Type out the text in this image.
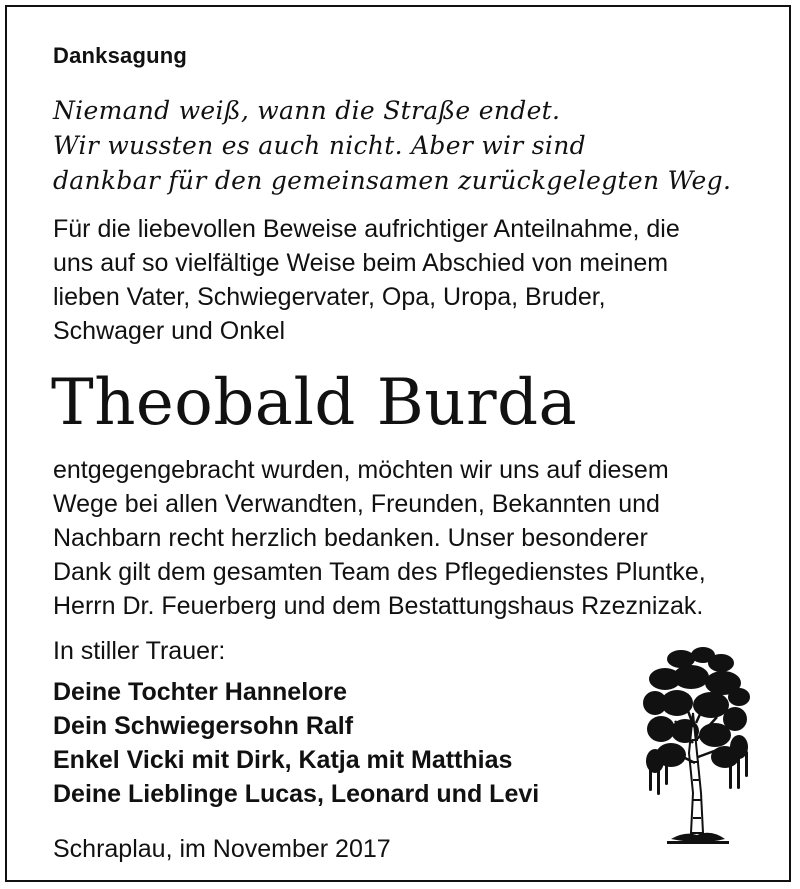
Danksagung
Niemand weiß, wann die Straße endet.
Wir wussten es auch nicht. Aber wir sind
dankbar für den gemeinsamen zurückgelegten Weg.
Für die liebevollen Beweise aufrichtiger Anteilnahme, die
uns auf so vielfältige Weise beim Abschied von meinem
lieben Vater, Schwiegervater, Opa, Uropa, Bruder,
Schwager und Onkel
Theobald Burda
entgegengebracht wurden, möchten wir uns auf diesem
Wege bei allen Verwandten, Freunden, Bekannten und
Nachbarn recht herzlich bedanken. Unser besonderer
Dank gilt dem gesamten Team des Pflegedienstes Pluntke,
Herrn Dr. Feuerberg und dem Bestattungshaus Rzeznizak.
In stiller Trauer:
Deine Tochter Hannelore
Dein Schwiegersohn Ralf
Enkel Vicki mit Dirk, Katja mit Matthias
Deine Lieblinge Lucas, Leonard und Levi
Schraplau, im November 2017
